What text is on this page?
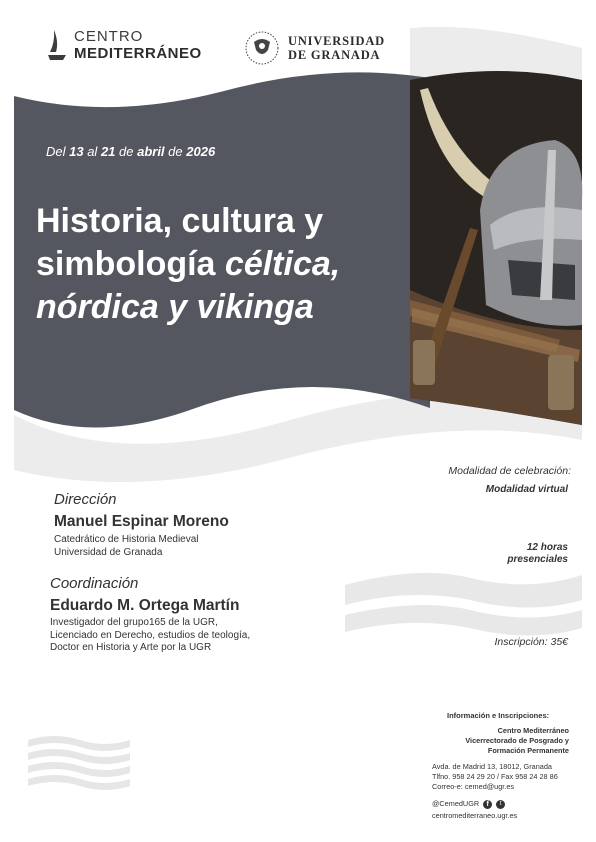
CENTRO
MEDITERRÁNEO
UNIVERSIDAD
DE GRANADA
Del 13 al 21 de abril de 2026
Historia, cultura y
simbología céltica,
nórdica y vikinga
Dirección
Manuel Espinar Moreno
Catedrático de Historia Medieval
Universidad de Granada
Coordinación
Eduardo M. Ortega Martín
Investigador del grupo165 de la UGR,
Licenciado en Derecho, estudios de teología,
Doctor en Historia y Arte por la UGR
Modalidad de celebración:
Modalidad virtual
12 horas
presenciales
Inscripción: 35€
Información e Inscripciones:
Centro Mediterráneo
Vicerrectorado de Posgrado y
Formación Permanente
Avda. de Madrid 13, 18012, Granada
Tlfno. 958 24 29 20 / Fax 958 24 28 86
Correo-e: cemed@ugr.es
@CemedUGR	f	t
centromediterraneo.ugr.es
